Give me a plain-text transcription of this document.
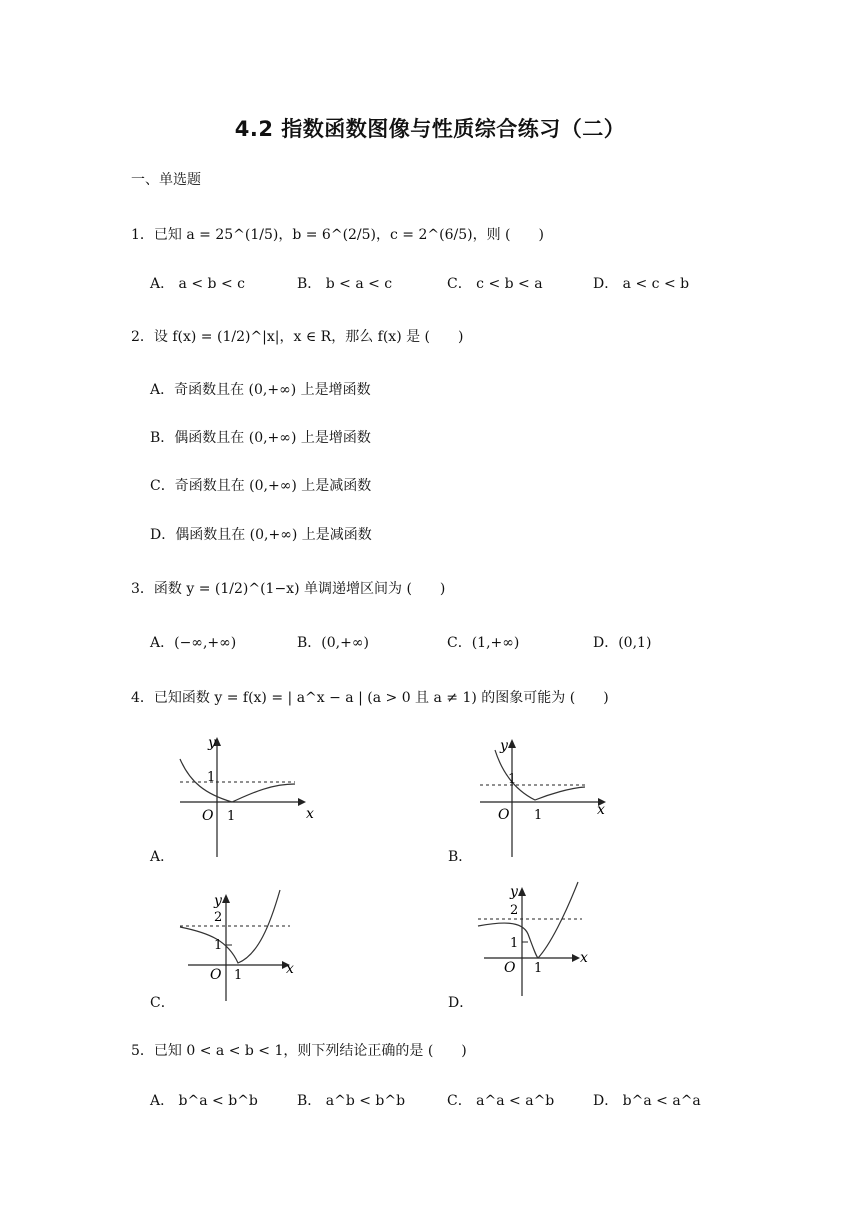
4.2 指数函数图像与性质综合练习（二）
一、单选题
1．已知 a = 25^(1/5)，b = 6^(2/5)，c = 2^(6/5)，则 (　　)
A． a < b < c	B． b < a < c	C． c < b < a	D． a < c < b
2．设 f(x) = (1/2)^|x|，x ∈ R，那么 f(x) 是 (　　)
A．奇函数且在 (0,+∞) 上是增函数
B．偶函数且在 (0,+∞) 上是增函数
C．奇函数且在 (0,+∞) 上是减函数
D．偶函数且在 (0,+∞) 上是减函数
3．函数 y = (1/2)^(1−x) 单调递增区间为 (　　)
A．(−∞,+∞)	B．(0,+∞)	C．(1,+∞)	D．(0,1)
4．已知函数 y = f(x) = | a^x − a | (a > 0 且 a ≠ 1) 的图象可能为 (　　)
y
1
O 1	x
A．
y
1
O 1	x
B．
y
2
1
O 1	x
C．
y
2
1
O 1
x
D．
5．已知 0 < a < b < 1，则下列结论正确的是 (　　)
A． b^a < b^b	B． a^b < b^b	C． a^a < a^b	D． b^a < a^a
